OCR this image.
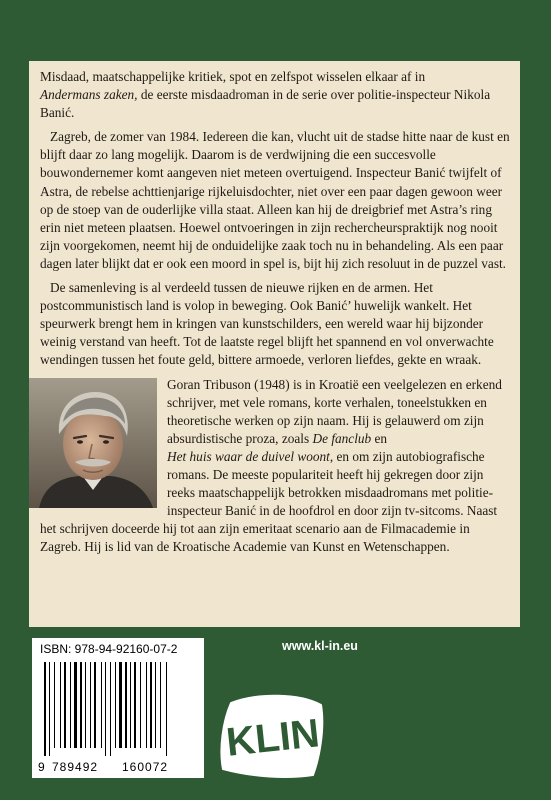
Misdaad, maatschappelijke kritiek, spot en zelfspot wisselen elkaar af in
Andermans zaken, de eerste misdaadroman in de serie over politie-inspecteur Nikola Banić.

Zagreb, de zomer van 1984. Iedereen die kan, vlucht uit de stadse hitte naar de kust en blijft daar zo lang mogelijk. Daarom is de verdwijning die een succesvolle bouwondernemer komt aangeven niet meteen overtuigend. Inspecteur Banić twijfelt of Astra, de rebelse achttienjarige rijkeluisdochter, niet over een paar dagen gewoon weer op de stoep van de ouderlijke villa staat. Alleen kan hij de dreigbrief met Astra’s ring erin niet meteen plaatsen. Hoewel ontvoeringen in zijn rechercheurspraktijk nog nooit zijn voorgekomen, neemt hij de onduidelijke zaak toch nu in behandeling. Als een paar dagen later blijkt dat er ook een moord in spel is, bijt hij zich resoluut in de puzzel vast.

De samenleving is al verdeeld tussen de nieuwe rijken en de armen. Het postcommunistisch land is volop in beweging. Ook Banić’ huwelijk wankelt. Het speurwerk brengt hem in kringen van kunstschilders, een wereld waar hij bijzonder weinig verstand van heeft. Tot de laatste regel blijft het spannend en vol onverwachte wendingen tussen het foute geld, bittere armoede, verloren liefdes, gekte en wraak.

Goran Tribuson (1948) is in Kroatië een veelgelezen en erkend schrijver, met vele romans, korte verhalen, toneelstukken en theoretische werken op zijn naam. Hij is gelauwerd om zijn absurdistische proza, zoals De fanclub en
Het huis waar de duivel woont, en om zijn autobiografische romans. De meeste populariteit heeft hij gekregen door zijn reeks maatschappelijk betrokken misdaadromans met politie-inspecteur Banić in de hoofdrol en door zijn tv-sitcoms. Naast het schrijven doceerde hij tot aan zijn emeritaat scenario aan de Filmacademie in Zagreb. Hij is lid van de Kroatische Academie van Kunst en Wetenschappen.
ISBN: 978-94-92160-07-2
9 789492 160072
www.kl-in.eu
KLIN
